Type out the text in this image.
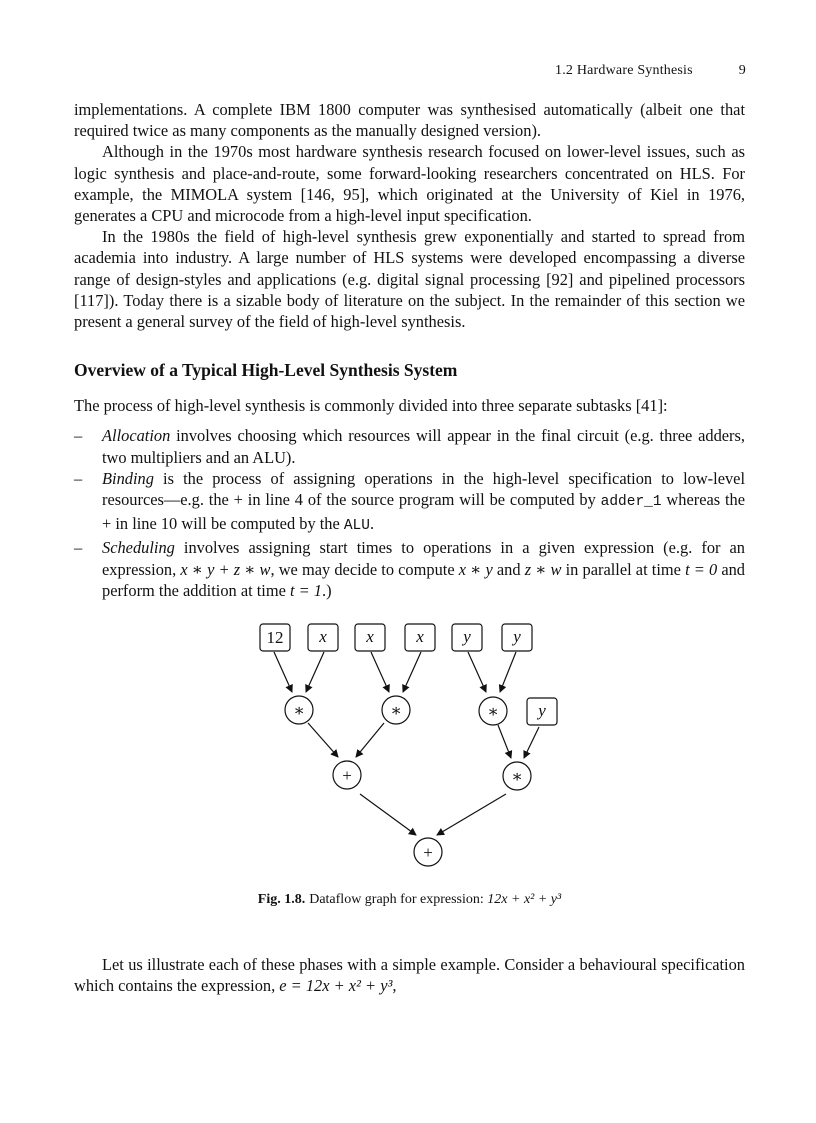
1.2 Hardware Synthesis	9

implementations. A complete IBM 1800 computer was synthesised automatically (albeit one that required twice as many components as the manually designed version).

Although in the 1970s most hardware synthesis research focused on lower-level issues, such as logic synthesis and place-and-route, some forward-looking researchers concentrated on HLS. For example, the MIMOLA system [146, 95], which originated at the University of Kiel in 1976, generates a CPU and microcode from a high-level input specification.

In the 1980s the field of high-level synthesis grew exponentially and started to spread from academia into industry. A large number of HLS systems were developed encompassing a diverse range of design-styles and applications (e.g. digital signal processing [92] and pipelined processors [117]). Today there is a sizable body of literature on the subject. In the remainder of this section we present a general survey of the field of high-level synthesis.

Overview of a Typical High-Level Synthesis System

The process of high-level synthesis is commonly divided into three separate subtasks [41]:

– Allocation involves choosing which resources will appear in the final circuit (e.g. three adders, two multipliers and an ALU).
– Binding is the process of assigning operations in the high-level specification to low-level resources—e.g. the + in line 4 of the source program will be computed by adder_1 whereas the + in line 10 will be computed by the ALU.
– Scheduling involves assigning start times to operations in a given expression (e.g. for an expression, x ∗ y + z ∗ w, we may decide to compute x ∗ y and z ∗ w in parallel at time t = 0 and perform the addition at time t = 1.)
12 x x x y y
y
∗	∗	∗
+	∗
+
Fig. 1.8. Dataflow graph for expression: 12x + x² + y³

Let us illustrate each of these phases with a simple example. Consider a behavioural specification which contains the expression, e = 12x + x² + y³,
